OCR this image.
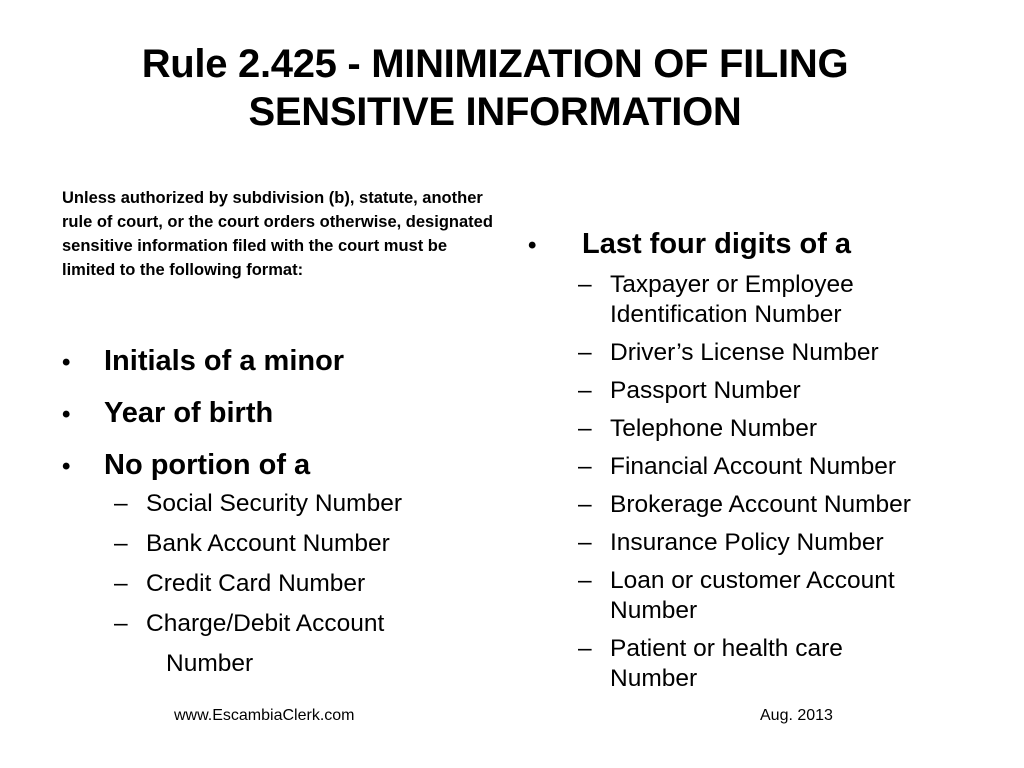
Rule 2.425 - MINIMIZATION OF FILING
SENSITIVE INFORMATION
Unless authorized by subdivision (b), statute, another rule of court, or the court orders otherwise, designated sensitive information filed with the court must be limited to the following format:
•	Initials of a minor
•	Year of birth
•	No portion of a
– Social Security Number
– Bank Account Number
– Credit Card Number
– Charge/Debit Account
Number
•	Last four digits of a
– Taxpayer or Employee Identification Number
– Driver’s License Number
– Passport Number
– Telephone Number
– Financial Account Number
– Brokerage Account Number
– Insurance Policy Number
– Loan or customer Account Number
– Patient or health care Number
www.EscambiaClerk.com	Aug. 2013
